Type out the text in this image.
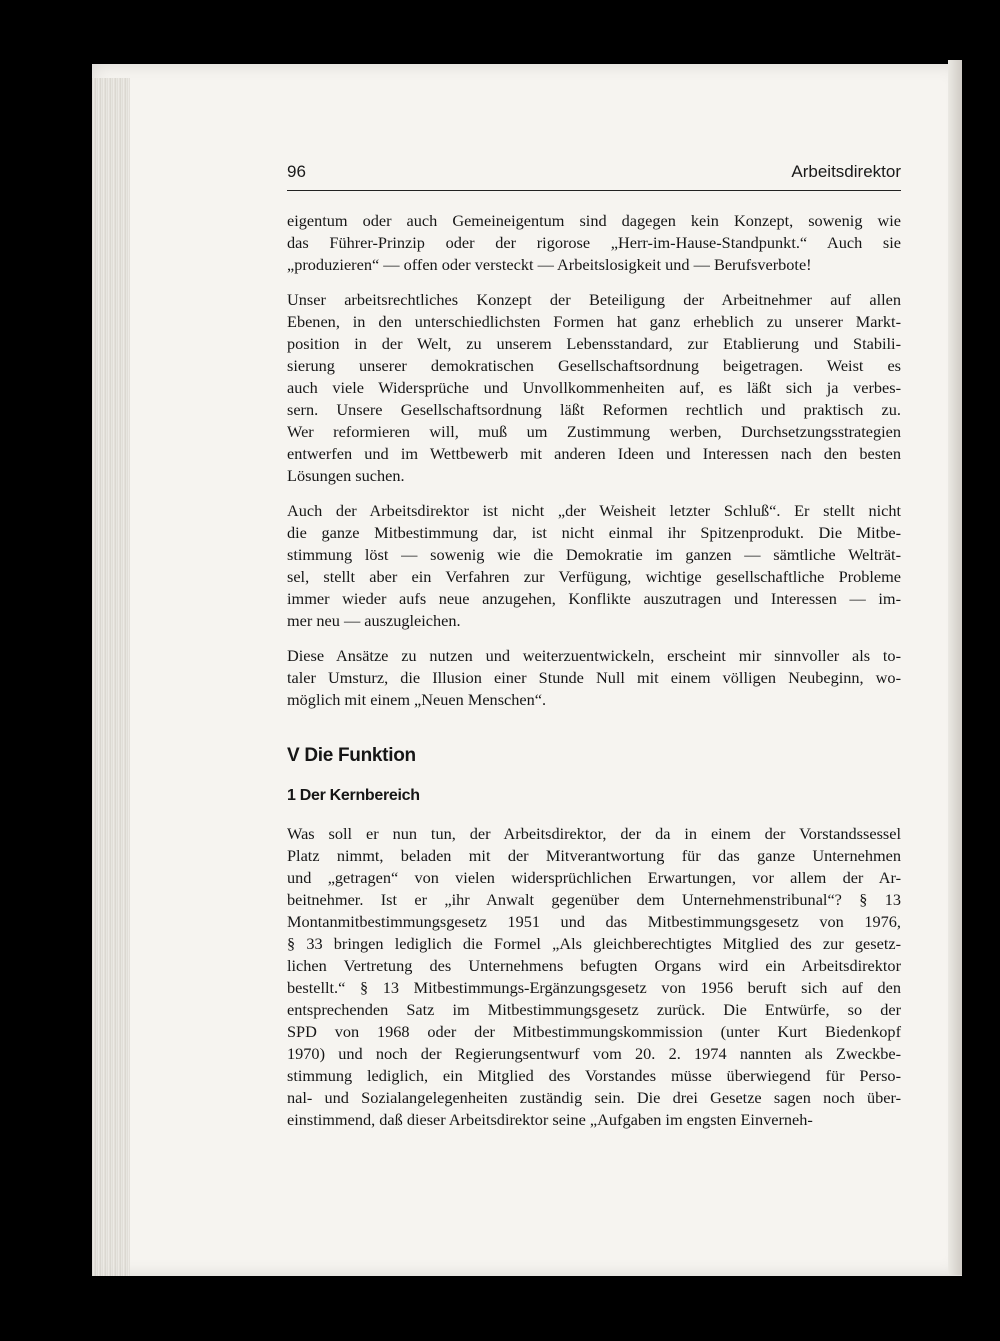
96	Arbeitsdirektor

eigentum oder auch Gemeineigentum sind dagegen kein Konzept, sowenig wie
das Führer-Prinzip oder der rigorose „Herr-im-Hause-Standpunkt.“ Auch sie
„produzieren“ — offen oder versteckt — Arbeitslosigkeit und — Berufsverbote!

Unser arbeitsrechtliches Konzept der Beteiligung der Arbeitnehmer auf allen
Ebenen, in den unterschiedlichsten Formen hat ganz erheblich zu unserer Markt-
position in der Welt, zu unserem Lebensstandard, zur Etablierung und Stabili-
sierung unserer demokratischen Gesellschaftsordnung beigetragen. Weist es
auch viele Widersprüche und Unvollkommenheiten auf, es läßt sich ja verbes-
sern. Unsere Gesellschaftsordnung läßt Reformen rechtlich und praktisch zu.
Wer reformieren will, muß um Zustimmung werben, Durchsetzungsstrategien
entwerfen und im Wettbewerb mit anderen Ideen und Interessen nach den besten
Lösungen suchen.

Auch der Arbeitsdirektor ist nicht „der Weisheit letzter Schluß“. Er stellt nicht
die ganze Mitbestimmung dar, ist nicht einmal ihr Spitzenprodukt. Die Mitbe-
stimmung löst — sowenig wie die Demokratie im ganzen — sämtliche Welträt-
sel, stellt aber ein Verfahren zur Verfügung, wichtige gesellschaftliche Probleme
immer wieder aufs neue anzugehen, Konflikte auszutragen und Interessen — im-
mer neu — auszugleichen.

Diese Ansätze zu nutzen und weiterzuentwickeln, erscheint mir sinnvoller als to-
taler Umsturz, die Illusion einer Stunde Null mit einem völligen Neubeginn, wo-
möglich mit einem „Neuen Menschen“.

V Die Funktion
1 Der Kernbereich

Was soll er nun tun, der Arbeitsdirektor, der da in einem der Vorstandssessel
Platz nimmt, beladen mit der Mitverantwortung für das ganze Unternehmen
und „getragen“ von vielen widersprüchlichen Erwartungen, vor allem der Ar-
beitnehmer. Ist er „ihr Anwalt gegenüber dem Unternehmenstribunal“? § 13
Montanmitbestimmungsgesetz 1951 und das Mitbestimmungsgesetz von 1976,
§ 33 bringen lediglich die Formel „Als gleichberechtigtes Mitglied des zur gesetz-
lichen Vertretung des Unternehmens befugten Organs wird ein Arbeitsdirektor
bestellt.“ § 13 Mitbestimmungs-Ergänzungsgesetz von 1956 beruft sich auf den
entsprechenden Satz im Mitbestimmungsgesetz zurück. Die Entwürfe, so der
SPD von 1968 oder der Mitbestimmungskommission (unter Kurt Biedenkopf
1970) und noch der Regierungsentwurf vom 20. 2. 1974 nannten als Zweckbe-
stimmung lediglich, ein Mitglied des Vorstandes müsse überwiegend für Perso-
nal- und Sozialangelegenheiten zuständig sein. Die drei Gesetze sagen noch über-
einstimmend, daß dieser Arbeitsdirektor seine „Aufgaben im engsten Einverneh-
